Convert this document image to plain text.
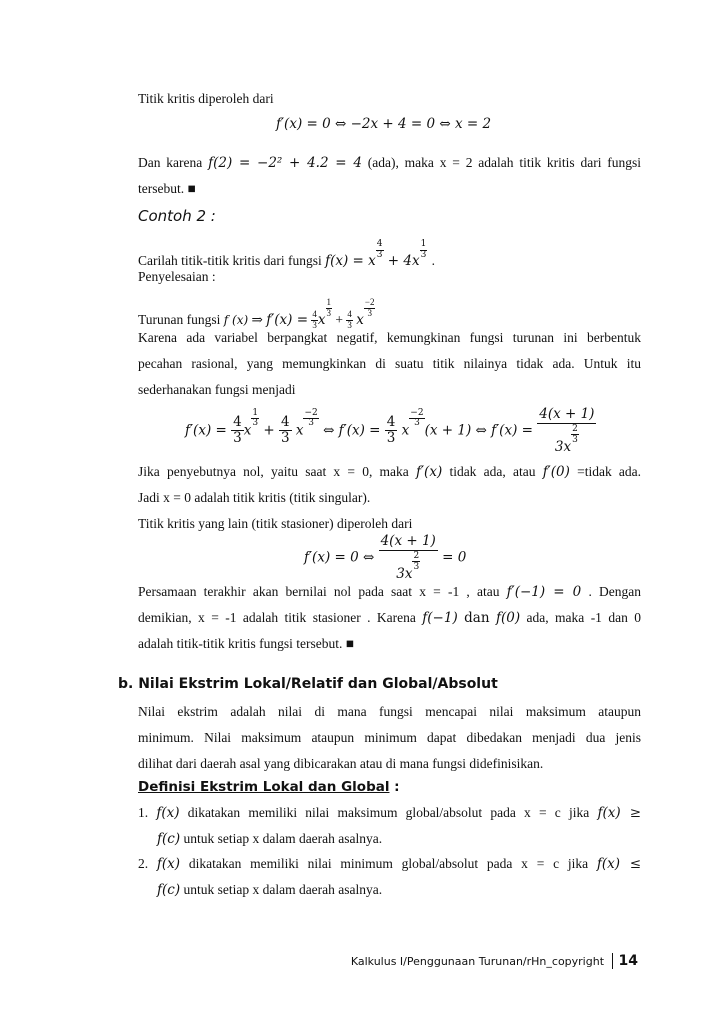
Titik kritis diperoleh dari
f′(x) = 0 ⇔ −2x + 4 = 0 ⇔ x = 2
Dan karena f(2) = −2² + 4.2 = 4 (ada), maka x = 2 adalah titik kritis dari fungsi
tersebut. ■
Contoh 2 :
Carilah titik-titik kritis dari fungsi f(x) = x
$\frac{4}{3}$
+ 4x
$\frac{1}{3}$ .
Penyelesaian :
Turunan fungsi f (x) ⇒ $f'(x) = \frac{4}{3}$ x
$\frac{1}{3}$
+ $\frac{4}{3}$ x
$\frac{-2}{3}$
Karena ada variabel berpangkat negatif, kemungkinan fungsi turunan ini berbentuk
pecahan rasional, yang memungkinkan di suatu titik nilainya tidak ada. Untuk itu
sederhanakan fungsi menjadi
$f'(x) = \frac{4}{3}$ x
$\frac{1}{3}$
+ $\frac{4}{3}$ x
$\frac{-2}{3}$
⇔ $f'(x) = \frac{4}{3}$ x
$\frac{-2}{3}$
(x + 1) ⇔ f′(x) = 4(x + 1)
3x
$\frac{2}{3}$
Jika penyebutnya nol, yaitu saat x = 0, maka f′(x) tidak ada, atau f′(0) =tidak ada.
Jadi x = 0 adalah titik kritis (titik singular).
Titik kritis yang lain (titik stasioner) diperoleh dari
f′(x) = 0 ⇔ 4(x + 1)
3x
$\frac{2}{3} = 0$
Persamaan terakhir akan bernilai nol pada saat x = -1 , atau f′(−1) = 0 . Dengan
demikian, x = -1 adalah titik stasioner . Karena f(−1) dan f(0) ada, maka -1 dan 0
adalah titik-titik kritis fungsi tersebut. ■
b. Nilai Ekstrim Lokal/Relatif dan Global/Absolut
Nilai ekstrim adalah nilai di mana fungsi mencapai nilai maksimum ataupun
minimum. Nilai maksimum ataupun minimum dapat dibedakan menjadi dua jenis
dilihat dari daerah asal yang dibicarakan atau di mana fungsi didefinisikan.
Definisi Ekstrim Lokal dan Global :
1. f(x) dikatakan memiliki nilai maksimum global/absolut pada x = c jika f(x) ≥
f(c) untuk setiap x dalam daerah asalnya.
2. f(x) dikatakan memiliki nilai minimum global/absolut pada x = c jika f(x) ≤
f(c) untuk setiap x dalam daerah asalnya.
Kalkulus I/Penggunaan Turunan/rHn_copyright 14
